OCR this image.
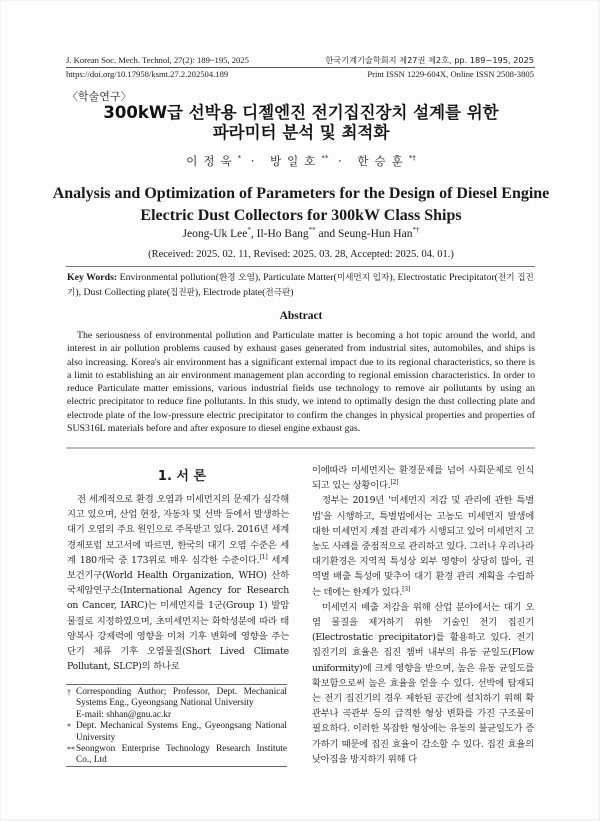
J. Korean Soc. Mech. Technol, 27(2): 189~195, 2025	한국기계기술학회지 제27권 제2호, pp. 189~195, 2025
https://doi.org/10.17958/ksmt.27.2.202504.189	Print ISSN 1229-604X, Online ISSN 2508-3805
〈학술연구〉
300kW급 선박용 디젤엔진 전기집진장치 설계를 위한
파라미터 분석 및 최적화
이정욱* · 방일호** · 한승훈*†
Analysis and Optimization of Parameters for the Design of Diesel Engine
Electric Dust Collectors for 300kW Class Ships
Jeong-Uk Lee*, Il-Ho Bang** and Seung-Hun Han*†
(Received: 2025. 02. 11, Revised: 2025. 03. 28, Accepted: 2025. 04. 01.)
Key Words: Environmental pollution(환경 오염), Particulate Matter(미세먼지 입자), Electrostatic Precipitator(전기 집진기), Dust Collecting plate(집진판), Electrode plate(전극판)
Abstract
The seriousness of environmental pollution and Particulate matter is becoming a hot topic around the world, and interest in air pollution problems caused by exhaust gases generated from industrial sites, automobiles, and ships is also increasing. Korea's air environment has a significant external impact due to its regional characteristics, so there is a limit to establishing an air environment management plan according to regional emission characteristics. In order to reduce Particulate matter emissions, various industrial fields use technology to remove air pollutants by using an electric precipitator to reduce fine pollutants. In this study, we intend to optimally design the dust collecting plate and electrode plate of the low-pressure electric precipitator to confirm the changes in physical properties and properties of SUS316L materials before and after exposure to diesel engine exhaust gas.
1. 서 론

전 세계적으로 환경 오염과 미세먼지의 문제가 심각해지고 있으며, 산업 현장, 자동차 및 선박 등에서 발생하는 대기 오염의 주요 원인으로 주목받고 있다. 2016년 세계 경제포럼 보고서에 따르면, 한국의 대기 오염 수준은 세계 180개국 중 173위로 매우 심각한 수준이다.[1] 세계보건기구(World Health Organization, WHO) 산하 국제암연구소(International Agency for Research on Cancer, IARC)는 미세먼지를 1군(Group 1) 발암물질로 지정하였으며, 초미세먼지는 화학성분에 따라 태양복사 강제력에 영향을 미쳐 기후 변화에 영향을 주는 단기 체류 기후 오염물질(Short Lived Climate Pollutant, SLCP)의 하나로

† Corresponding Author; Professor, Dept. Mechanical Systems Eng., Gyeongsang National University
E-mail: shhan@gnu.ac.kr
* Dept. Mechanical Systems Eng., Gyeongsang National University
** Seongwon Enterprise Technology Research Institute Co., Ltd

이에따라 미세먼지는 환경문제를 넘어 사회문제로 인식되고 있는 상황이다.[2]

정부는 2019년 '미세먼지 저감 및 관리에 관한 특별법'을 시행하고, 특별법에서는 고농도 미세먼지 발생에 대한 미세먼지 계절 관리제가 시행되고 있어 미세먼지 고농도 사례를 중점적으로 관리하고 있다. 그러나 우리나라 대기환경은 지역적 특성상 외부 영향이 상당히 많아, 권역별 배출 특성에 맞추어 대기 환경 관리 계획을 수립하는 데에는 한계가 있다.[3]

미세먼지 배출 저감을 위해 산업 분야에서는 대기 오염 물질을 제거하기 위한 기술인 전기 집진기(Electrostatic precipitator)를 활용하고 있다. 전기 집진기의 효율은 집진 챔버 내부의 유동 균일도(Flow uniformity)에 크게 영향을 받으며, 높은 유동 균일도를 확보함으로써 높은 효율을 얻을 수 있다. 선박에 탑재되는 전기 집진기의 경우 제한된 공간에 설치하기 위해 확관부나 곡관부 등의 급격한 형상 변화를 가진 구조물이 필요하다. 이러한 복잡한 형상에는 유동의 불균일도가 증가하기 때문에 집진 효율이 감소할 수 있다. 집진 효율의 낮아짐을 방지하기 위해 다
